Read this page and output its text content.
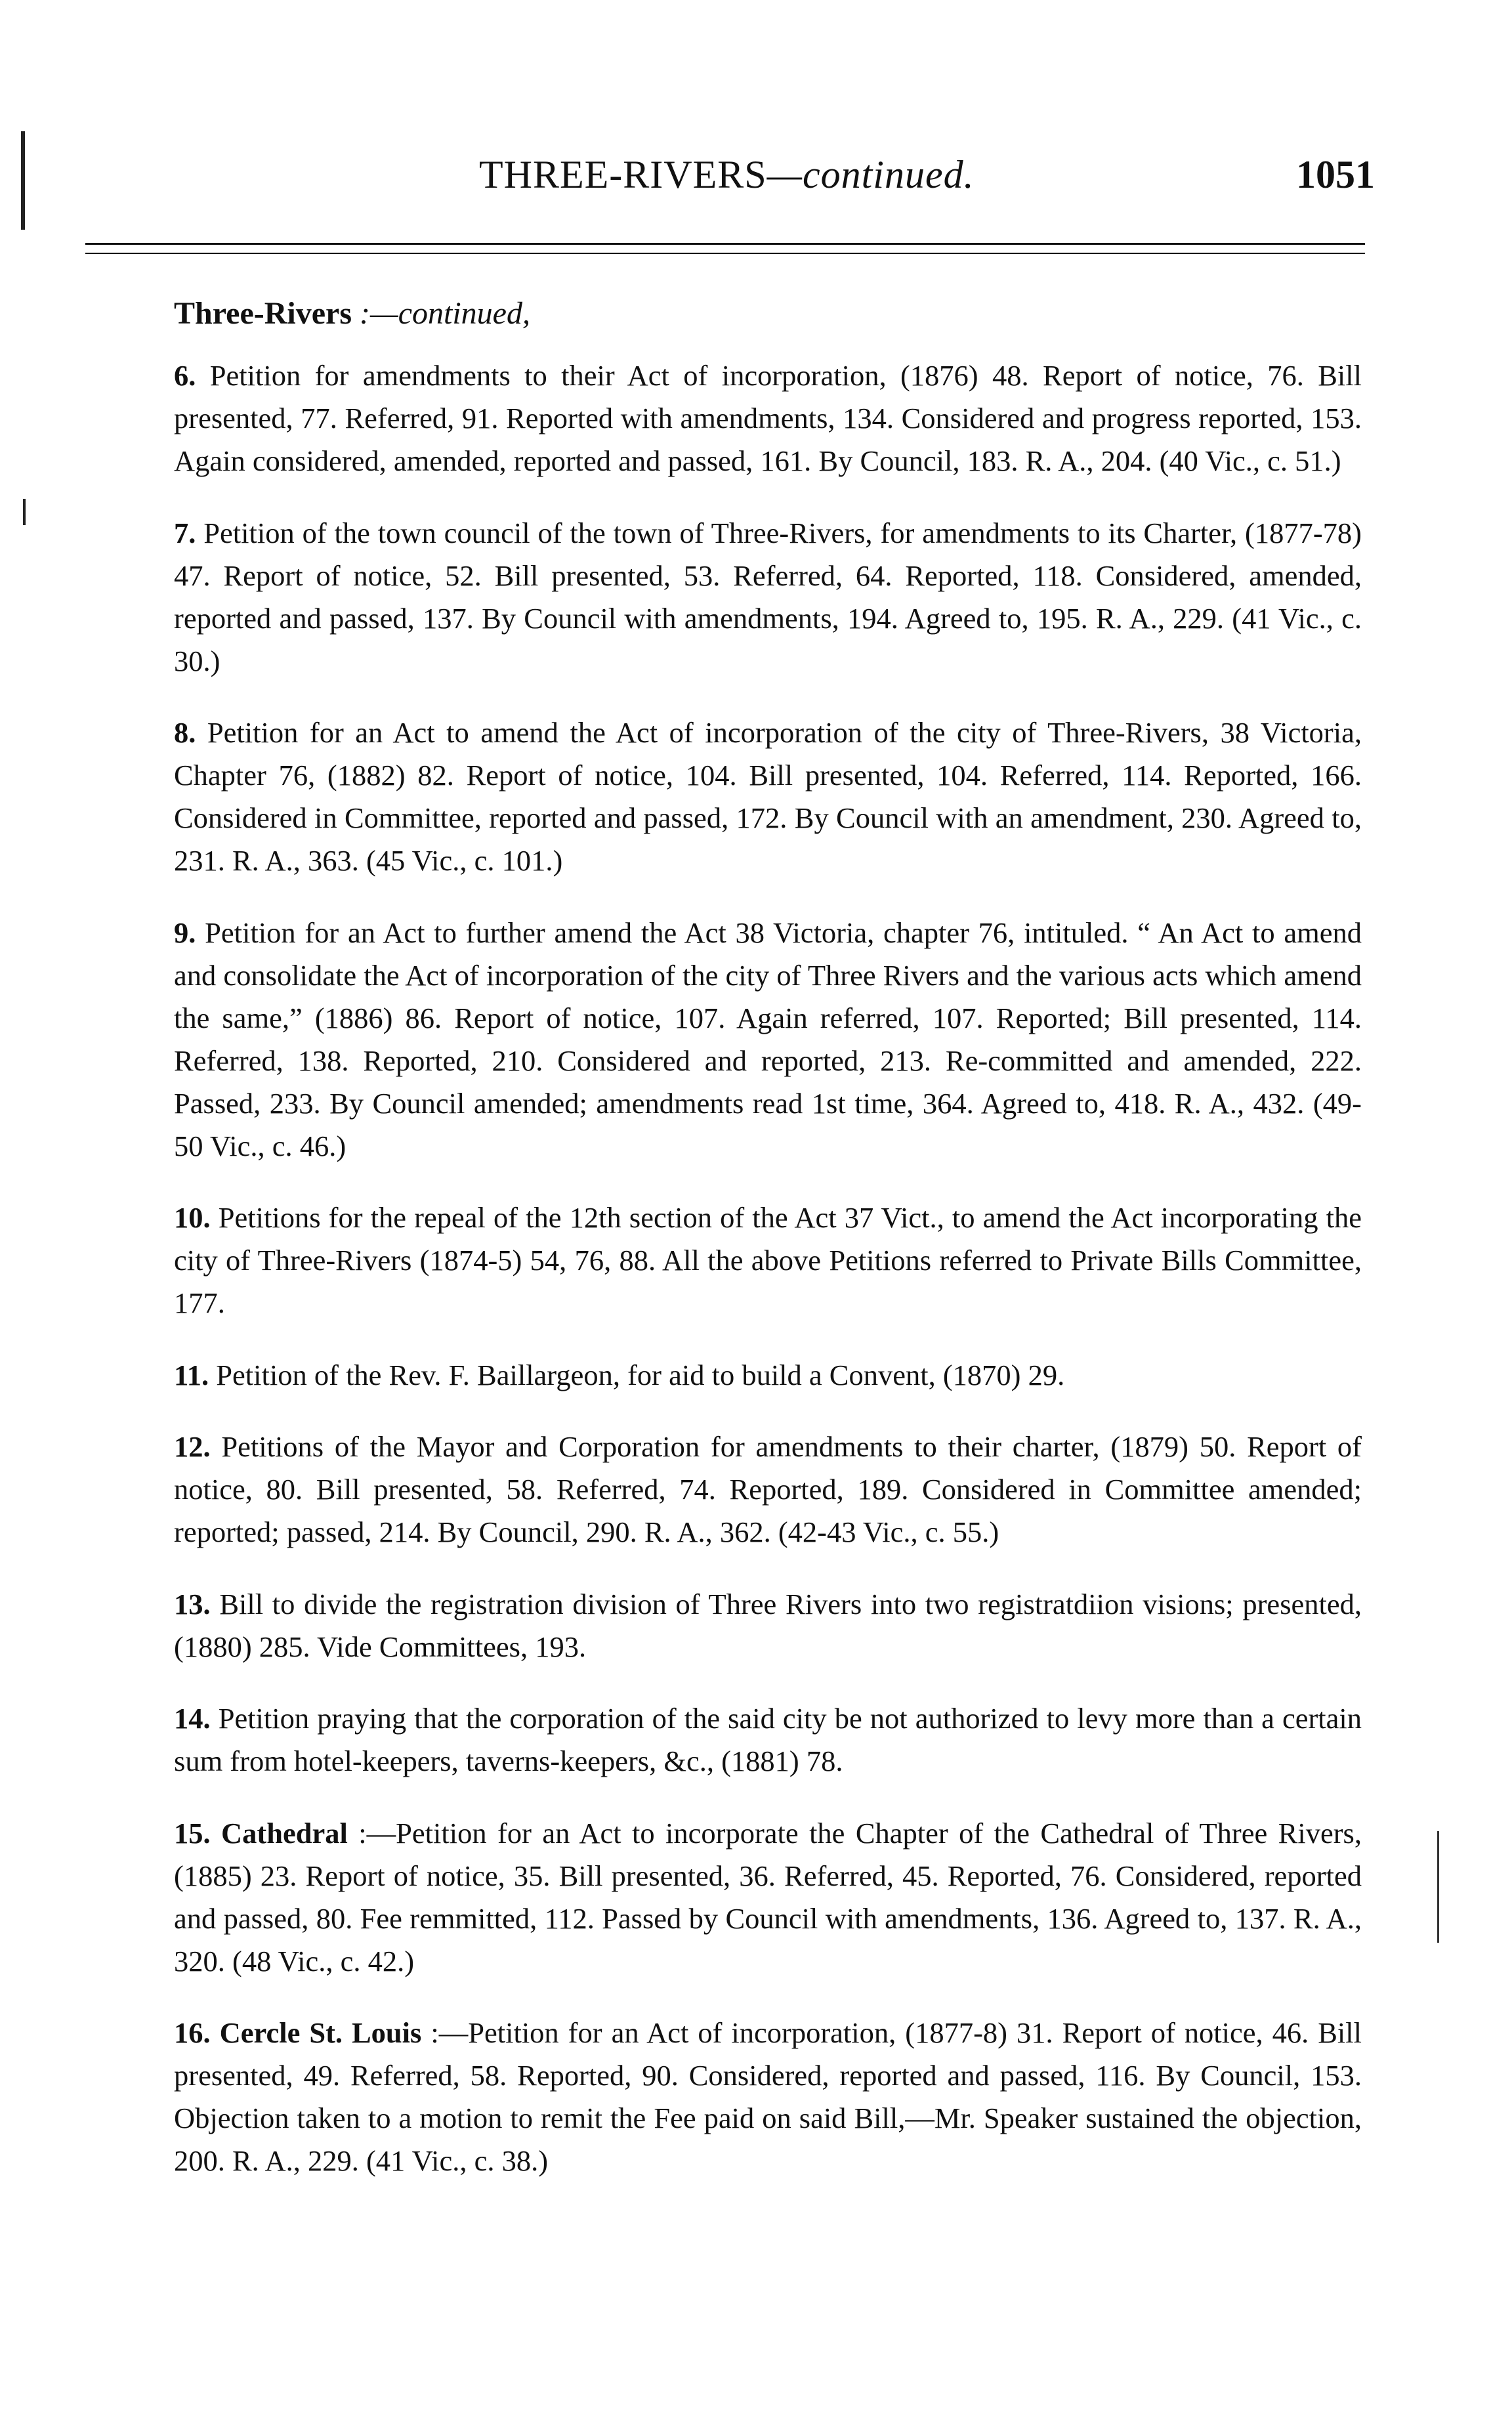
THREE-RIVERS—continued.	1051
Three-Rivers :—continued,

6. Petition for amendments to their Act of incorporation, (1876) 48. Report of notice, 76. Bill presented, 77. Referred, 91. Reported with amendments, 134. Considered and progress reported, 153. Again considered, amended, reported and passed, 161. By Council, 183. R. A., 204. (40 Vic., c. 51.)

7. Petition of the town council of the town of Three-Rivers, for amendments to its Charter, (1877-78) 47. Report of notice, 52. Bill presented, 53. Referred, 64. Reported, 118. Considered, amended, reported and passed, 137. By Council with amendments, 194. Agreed to, 195. R. A., 229. (41 Vic., c. 30.)

8. Petition for an Act to amend the Act of incorporation of the city of Three-Rivers, 38 Victoria, Chapter 76, (1882) 82. Report of notice, 104. Bill presented, 104. Referred, 114. Reported, 166. Considered in Committee, reported and passed, 172. By Council with an amendment, 230. Agreed to, 231. R. A., 363. (45 Vic., c. 101.)

9. Petition for an Act to further amend the Act 38 Victoria, chapter 76, intituled. “ An Act to amend and consolidate the Act of incorporation of the city of Three Rivers and the various acts which amend the same,” (1886) 86. Report of notice, 107. Again referred, 107. Reported; Bill presented, 114. Referred, 138. Reported, 210. Considered and reported, 213. Re-committed and amended, 222. Passed, 233. By Council amended; amendments read 1st time, 364. Agreed to, 418. R. A., 432. (49-50 Vic., c. 46.)

10. Petitions for the repeal of the 12th section of the Act 37 Vict., to amend the Act incorporating the city of Three-Rivers (1874-5) 54, 76, 88. All the above Petitions referred to Private Bills Committee, 177.

11. Petition of the Rev. F. Baillargeon, for aid to build a Convent, (1870) 29.

12. Petitions of the Mayor and Corporation for amendments to their charter, (1879) 50. Report of notice, 80. Bill presented, 58. Referred, 74. Reported, 189. Considered in Committee amended; reported; passed, 214. By Council, 290. R. A., 362. (42-43 Vic., c. 55.)

13. Bill to divide the registration division of Three Rivers into two registratdiion visions; presented, (1880) 285. Vide Committees, 193.

14. Petition praying that the corporation of the said city be not authorized to levy more than a certain sum from hotel-keepers, taverns-keepers, &c., (1881) 78.

15. Cathedral :—Petition for an Act to incorporate the Chapter of the Cathedral of Three Rivers, (1885) 23. Report of notice, 35. Bill presented, 36. Referred, 45. Reported, 76. Considered, reported and passed, 80. Fee remmitted, 112. Passed by Council with amendments, 136. Agreed to, 137. R. A., 320. (48 Vic., c. 42.)

16. Cercle St. Louis :—Petition for an Act of incorporation, (1877-8) 31. Report of notice, 46. Bill presented, 49. Referred, 58. Reported, 90. Considered, reported and passed, 116. By Council, 153. Objection taken to a motion to remit the Fee paid on said Bill,—Mr. Speaker sustained the objection, 200. R. A., 229. (41 Vic., c. 38.)
